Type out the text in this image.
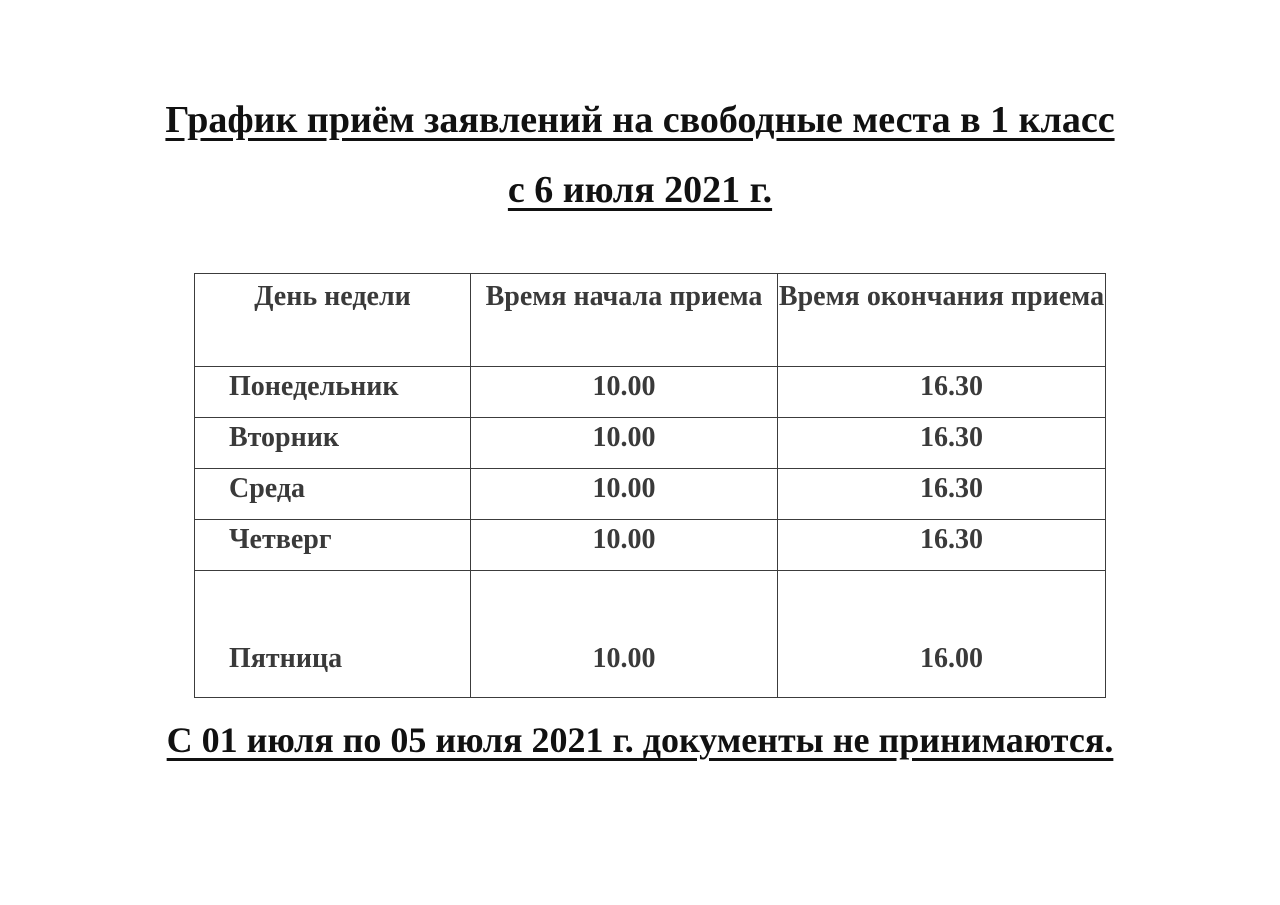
График приём заявлений на свободные места в 1 класс
с 6 июля 2021 г.
День недели	Время начала приема	Время окончания приема
Понедельник	10.00	16.30
Вторник	10.00	16.30
Среда	10.00	16.30
Четверг	10.00	16.30
Пятница	10.00	16.00

С 01 июля по 05 июля 2021 г. документы не принимаются.
